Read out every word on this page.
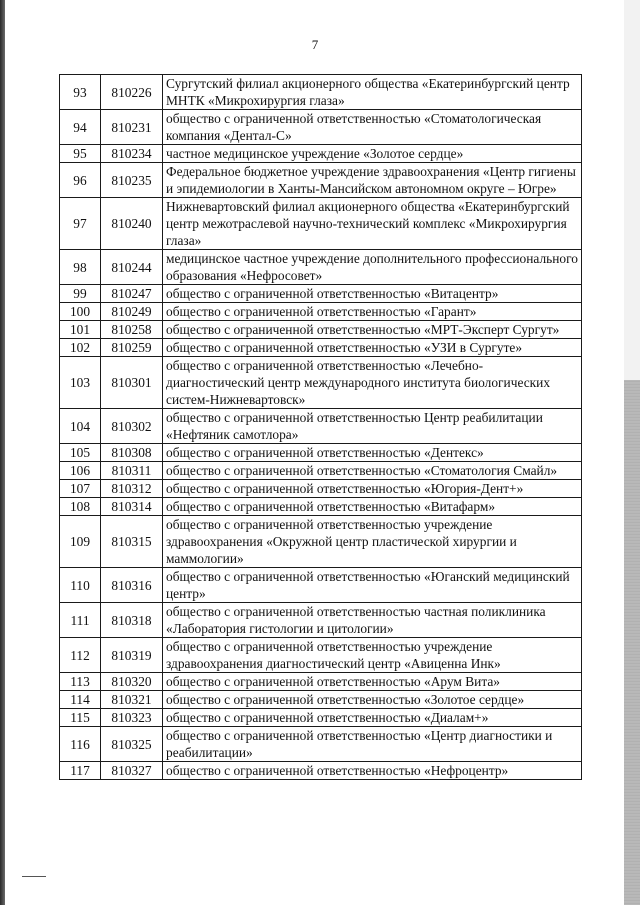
7
93	810226	Сургутский филиал акционерного общества «Екатеринбургский центр МНТК «Микрохирургия глаза»
94	810231	общество с ограниченной ответственностью «Стоматологическая компания «Дентал-С»
95	810234	частное медицинское учреждение «Золотое сердце»
96	810235	Федеральное бюджетное учреждение здравоохранения «Центр гигиены и эпидемиологии в Ханты-Мансийском автономном округе – Югре»
97	810240	Нижневартовский филиал акционерного общества «Екатеринбургский центр межотраслевой научно-технический комплекс «Микрохирургия глаза»
98	810244	медицинское частное учреждение дополнительного профессионального образования «Нефросовет»
99	810247	общество с ограниченной ответственностью «Витацентр»
100	810249	общество с ограниченной ответственностью «Гарант»
101	810258	общество с ограниченной ответственностью «МРТ-Эксперт Сургут»
102	810259	общество с ограниченной ответственностью «УЗИ в Сургуте»
103	810301	общество с ограниченной ответственностью «Лечебно-диагностический центр международного института биологических систем-Нижневартовск»
104	810302	общество с ограниченной ответственностью Центр реабилитации «Нефтяник самотлора»
105	810308	общество с ограниченной ответственностью «Дентекс»
106	810311	общество с ограниченной ответственностью «Стоматология Смайл»
107	810312	общество с ограниченной ответственностью «Югория-Дент+»
108	810314	общество с ограниченной ответственностью «Витафарм»
109	810315	общество с ограниченной ответственностью учреждение здравоохранения «Окружной центр пластической хирургии и маммологии»
110	810316	общество с ограниченной ответственностью «Юганский медицинский центр»
111	810318	общество с ограниченной ответственностью частная поликлиника «Лаборатория гистологии и цитологии»
112	810319	общество с ограниченной ответственностью учреждение здравоохранения диагностический центр «Авиценна Инк»
113	810320	общество с ограниченной ответственностью «Арум Вита»
114	810321	общество с ограниченной ответственностью «Золотое сердце»
115	810323	общество с ограниченной ответственностью «Диалам+»
116	810325	общество с ограниченной ответственностью «Центр диагностики и реабилитации»
117	810327	общество с ограниченной ответственностью «Нефроцентр»
